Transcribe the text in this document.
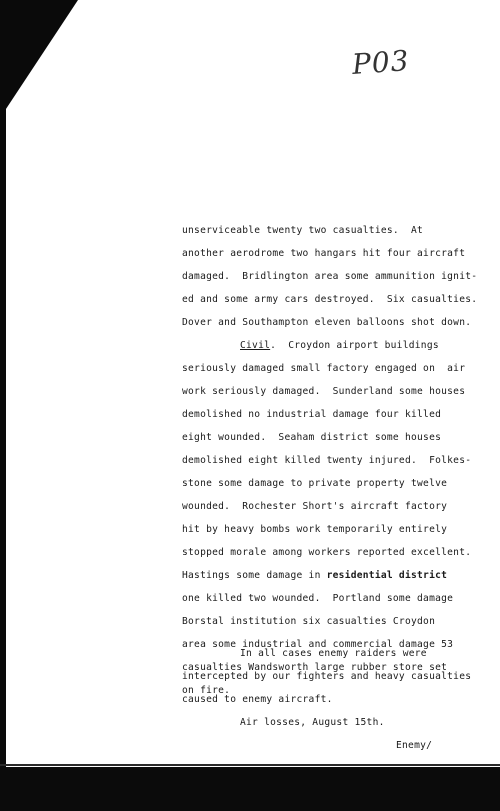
P03
unserviceable twenty two casualties.  At
another aerodrome two hangars hit four aircraft
damaged.  Bridlington area some ammunition ignit-
ed and some army cars destroyed.  Six casualties.
Dover and Southampton eleven balloons shot down.
Civil.  Croydon airport buildings
seriously damaged small factory engaged on  air
work seriously damaged.  Sunderland some houses
demolished no industrial damage four killed
eight wounded.  Seaham district some houses
demolished eight killed twenty injured.  Folkes-
stone some damage to private property twelve
wounded.  Rochester Short's aircraft factory
hit by heavy bombs work temporarily entirely
stopped morale among workers reported excellent.
Hastings some damage in residential district
one killed two wounded.  Portland some damage
Borstal institution six casualties Croydon
area some industrial and commercial damage 53
casualties Wandsworth large rubber store set
on fire.
In all cases enemy raiders were
intercepted by our fighters and heavy casualties
caused to enemy aircraft.
Air losses, August 15th.
Enemy/
